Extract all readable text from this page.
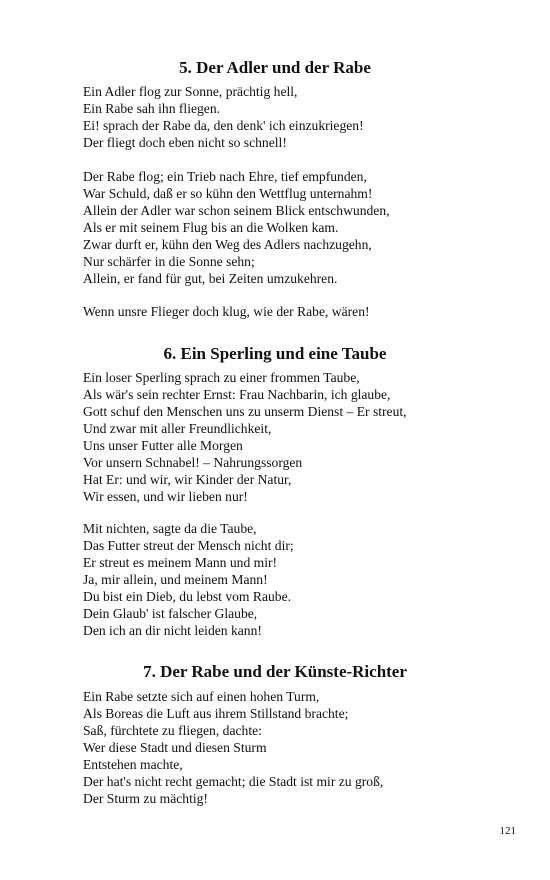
5. Der Adler und der Rabe
Ein Adler flog zur Sonne, prächtig hell,
Ein Rabe sah ihn fliegen.
Ei! sprach der Rabe da, den denk' ich einzukriegen!
Der fliegt doch eben nicht so schnell!
Der Rabe flog; ein Trieb nach Ehre, tief empfunden,
War Schuld, daß er so kühn den Wettflug unternahm!
Allein der Adler war schon seinem Blick entschwunden,
Als er mit seinem Flug bis an die Wolken kam.
Zwar durft er, kühn den Weg des Adlers nachzugehn,
Nur schärfer in die Sonne sehn;
Allein, er fand für gut, bei Zeiten umzukehren.
Wenn unsre Flieger doch klug, wie der Rabe, wären!
6. Ein Sperling und eine Taube
Ein loser Sperling sprach zu einer frommen Taube,
Als wär's sein rechter Ernst: Frau Nachbarin, ich glaube,
Gott schuf den Menschen uns zu unserm Dienst – Er streut,
Und zwar mit aller Freundlichkeit,
Uns unser Futter alle Morgen
Vor unsern Schnabel! – Nahrungssorgen
Hat Er: und wir, wir Kinder der Natur,
Wir essen, und wir lieben nur!
Mit nichten, sagte da die Taube,
Das Futter streut der Mensch nicht dir;
Er streut es meinem Mann und mir!
Ja, mir allein, und meinem Mann!
Du bist ein Dieb, du lebst vom Raube.
Dein Glaub' ist falscher Glaube,
Den ich an dir nicht leiden kann!
7. Der Rabe und der Künste-Richter
Ein Rabe setzte sich auf einen hohen Turm,
Als Boreas die Luft aus ihrem Stillstand brachte;
Saß, fürchtete zu fliegen, dachte:
Wer diese Stadt und diesen Sturm
Entstehen machte,
Der hat's nicht recht gemacht; die Stadt ist mir zu groß,
Der Sturm zu mächtig!
121
